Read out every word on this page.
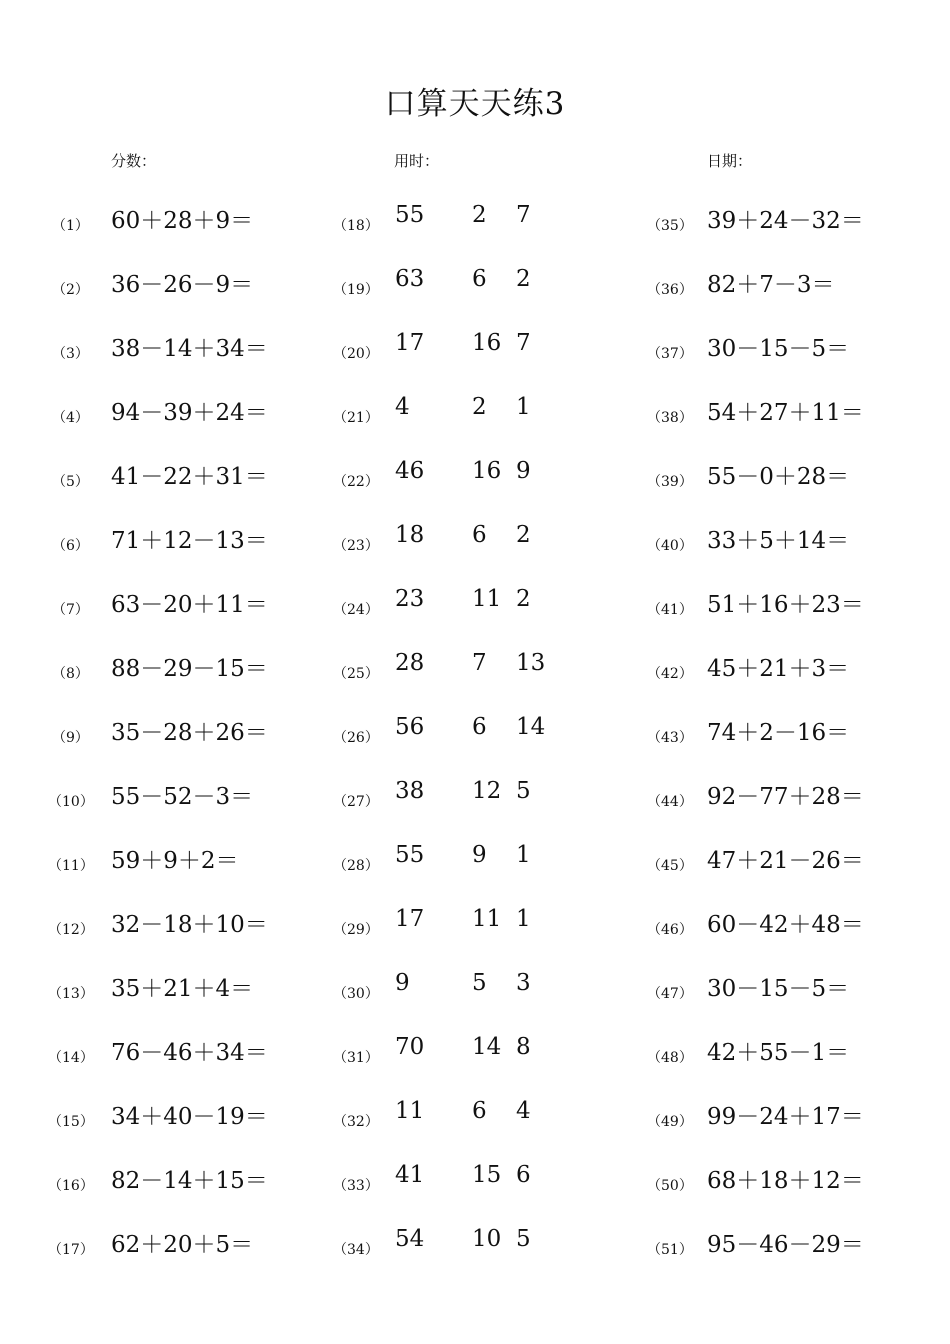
口算天天练3
分数：	用时：	日期：
（1） 60＋28＋9＝
（2） 36－26－9＝
（3） 38－14＋34＝
（4） 94－39＋24＝
（5） 41－22＋31＝
（6） 71＋12－13＝
（7） 63－20＋11＝
（8） 88－29－15＝
（9） 35－28＋26＝
（10） 55－52－3＝
（11） 59＋9＋2＝
（12） 32－18＋10＝
（13） 35＋21＋4＝
（14） 76－46＋34＝
（15） 34＋40－19＝
（16） 82－14＋15＝
（17） 62＋20＋5＝
（18） 55 2 7
（19） 63 6 2
（20） 17 16 7
（21） 4	2 1
（22） 46 16 9
（23） 18 6 2
（24） 23 11 2
（25） 28 7 13
（26） 56 6 14
（27） 38 12 5
（28） 55 9 1
（29） 17 11 1
（30） 9	5 3
（31） 70 14 8
（32） 11 6 4
（33） 41 15 6
（34） 54 10 5
（35） 39＋24－32＝
（36） 82＋7－3＝
（37） 30－15－5＝
（38） 54＋27＋11＝
（39） 55－0＋28＝
（40） 33＋5＋14＝
（41） 51＋16＋23＝
（42） 45＋21＋3＝
（43） 74＋2－16＝
（44） 92－77＋28＝
（45） 47＋21－26＝
（46） 60－42＋48＝
（47） 30－15－5＝
（48） 42＋55－1＝
（49） 99－24＋17＝
（50） 68＋18＋12＝
（51） 95－46－29＝
